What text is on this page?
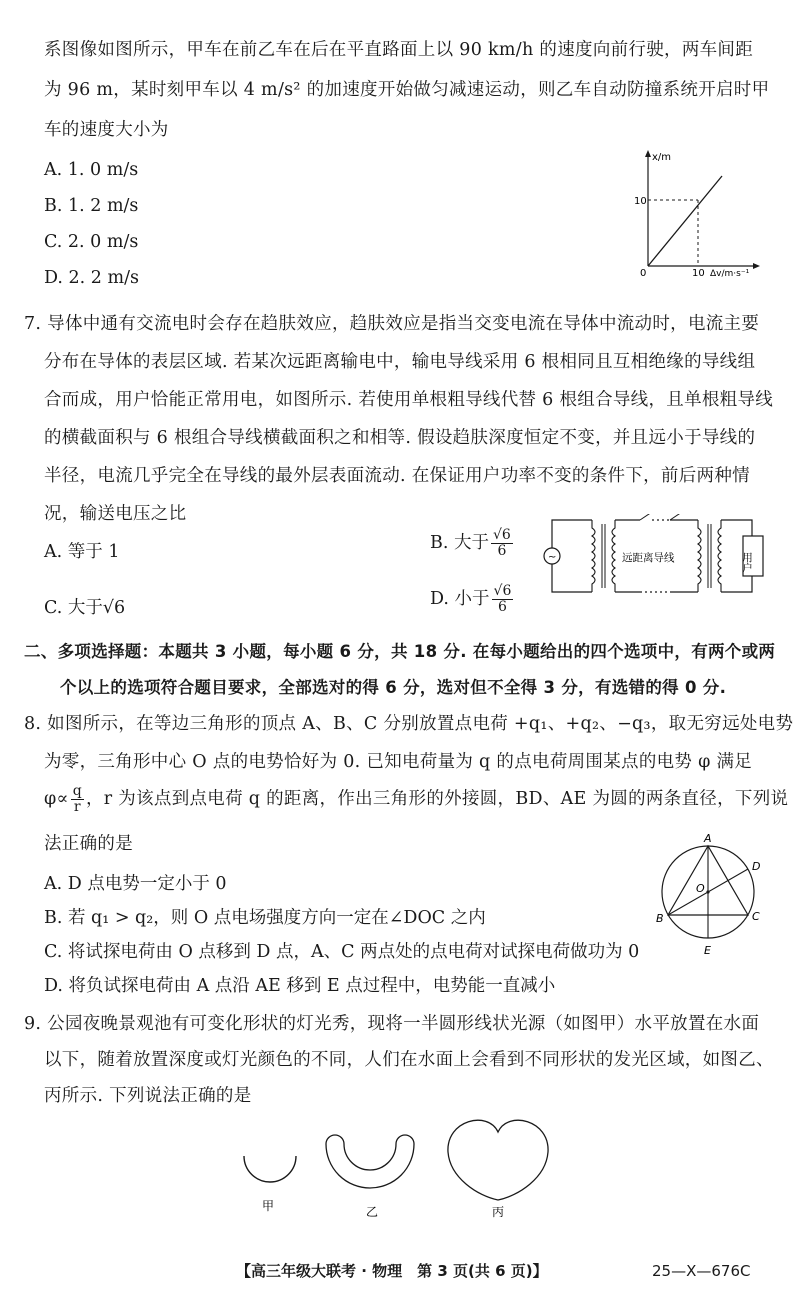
系图像如图所示，甲车在前乙车在后在平直路面上以 90 km/h 的速度向前行驶，两车间距
为 96 m，某时刻甲车以 4 m/s² 的加速度开始做匀减速运动，则乙车自动防撞系统开启时甲
车的速度大小为
A. 1. 0 m/s
B. 1. 2 m/s
C. 2. 0 m/s
D. 2. 2 m/s
x/m
10
0	10 Δv/m·s⁻¹
7. 导体中通有交流电时会存在趋肤效应，趋肤效应是指当交变电流在导体中流动时，电流主要
分布在导体的表层区域. 若某次远距离输电中，输电导线采用 6 根相同且互相绝缘的导线组
合而成，用户恰能正常用电，如图所示. 若使用单根粗导线代替 6 根组合导线，且单根粗导线
的横截面积与 6 根组合导线横截面积之和相等. 假设趋肤深度恒定不变，并且远小于导线的
半径，电流几乎完全在导线的最外层表面流动. 在保证用户功率不变的条件下，前后两种情
况，输送电压之比
A. 等于 1	B. 大于 $\frac{√6}{6}$
C. 大于√6	D. 小于 $\frac{√6}{6}$
~	远距离导线	用户
二、多项选择题：本题共 3 小题，每小题 6 分，共 18 分. 在每小题给出的四个选项中，有两个或两
个以上的选项符合题目要求，全部选对的得 6 分，选对但不全得 3 分，有选错的得 0 分.
8. 如图所示，在等边三角形的顶点 A、B、C 分别放置点电荷 +q₁、+q₂、−q₃，取无穷远处电势
为零，三角形中心 O 点的电势恰好为 0. 已知电荷量为 q 的点电荷周围某点的电势 φ 满足
$\varphi\propto \frac{q}{r}$ ，r 为该点到点电荷 q 的距离，作出三角形的外接圆，BD、AE 为圆的两条直径，下列说
法正确的是
A. D 点电势一定小于 0
B. 若 q₁ > q₂，则 O 点电场强度方向一定在∠DOC 之内
C. 将试探电荷由 O 点移到 D 点，A、C 两点处的点电荷对试探电荷做功为 0
D. 将负试探电荷由 A 点沿 AE 移到 E 点过程中，电势能一直减小
A
B	C
D
E
O
9. 公园夜晚景观池有可变化形状的灯光秀，现将一半圆形线状光源（如图甲）水平放置在水面
以下，随着放置深度或灯光颜色的不同，人们在水面上会看到不同形状的发光区域，如图乙、
丙所示. 下列说法正确的是
甲	乙	丙
【高三年级大联考 · 物理　第 3 页(共 6 页)】	25—X—676C
